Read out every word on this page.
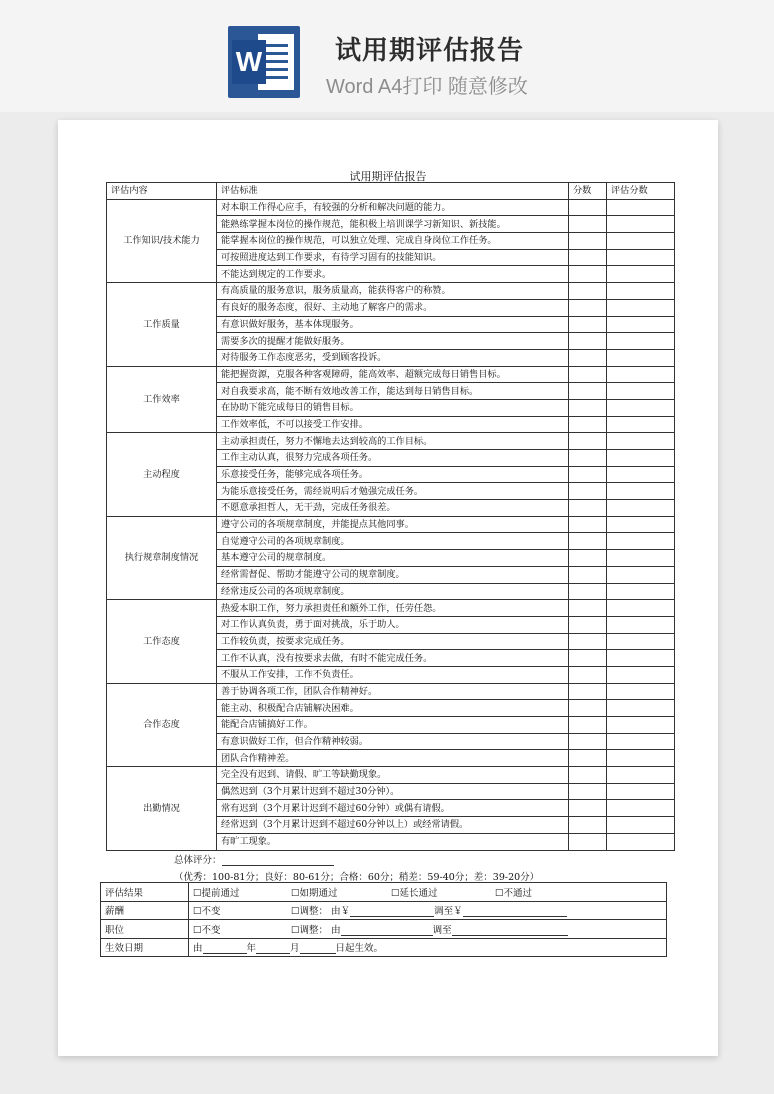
W	试用期评估报告
Word A4打印 随意修改
试用期评估报告
评估内容	评估标准	分数	评估分数
工作知识/技术能力	对本职工作得心应手，有较强的分析和解决问题的能力。		
	能熟练掌握本岗位的操作规范，能积极上培训课学习新知识、新技能。		
	能掌握本岗位的操作规范，可以独立处理、完成自身岗位工作任务。		
	可按照进度达到工作要求，有待学习固有的技能知识。		
	不能达到规定的工作要求。		
工作质量	有高质量的服务意识，服务质量高，能获得客户的称赞。		
	有良好的服务态度，很好、主动地了解客户的需求。		
	有意识做好服务，基本体现服务。		
	需要多次的提醒才能做好服务。		
	对待服务工作态度恶劣，受到顾客投诉。		
工作效率	能把握资源，克服各种客观障碍，能高效率、超额完成每日销售目标。		
	对自我要求高，能不断有效地改善工作，能达到每日销售目标。		
	在协助下能完成每日的销售目标。		
	工作效率低，不可以接受工作安排。		
主动程度	主动承担责任，努力不懈地去达到较高的工作目标。		
	工作主动认真，很努力完成各项任务。		
	乐意接受任务，能够完成各项任务。		
	为能乐意接受任务，需经说明后才勉强完成任务。		
	不愿意承担哲人，无干劲，完成任务很差。		
执行规章制度情况	遵守公司的各项规章制度，并能提点其他同事。		
	自觉遵守公司的各项规章制度。		
	基本遵守公司的规章制度。		
	经常需督促、帮助才能遵守公司的规章制度。		
	经常违反公司的各项规章制度。		
工作态度	热爱本职工作，努力承担责任和额外工作，任劳任怨。		
	对工作认真负责，勇于面对挑战，乐于助人。		
	工作较负责，按要求完成任务。		
	工作不认真，没有按要求去做，有时不能完成任务。		
	不服从工作安排，工作不负责任。		
合作态度	善于协调各项工作，团队合作精神好。		
	能主动、积极配合店铺解决困难。		
	能配合店铺搞好工作。		
	有意识做好工作，但合作精神较弱。		
	团队合作精神差。		
出勤情况	完全没有迟到、请假、旷工等缺勤现象。		
	偶然迟到（3个月累计迟到不超过30分钟）。		
	常有迟到（3个月累计迟到不超过60分钟）或偶有请假。		
	经常迟到（3个月累计迟到不超过60分钟以上）或经常请假。		
	有旷工现象。		
总体评分：
（优秀：100-81分；良好：80-61分；合格：60分；稍差：59-40分；差：39-20分）
评估结果	☐提前通过 ☐如期通过 ☐延长通过 ☐不通过
薪酬	☐不变 ☐调整： 由￥ 调至￥
职位	☐不变 ☐调整： 由 调至
生效日期	由 年 月 日起生效。
